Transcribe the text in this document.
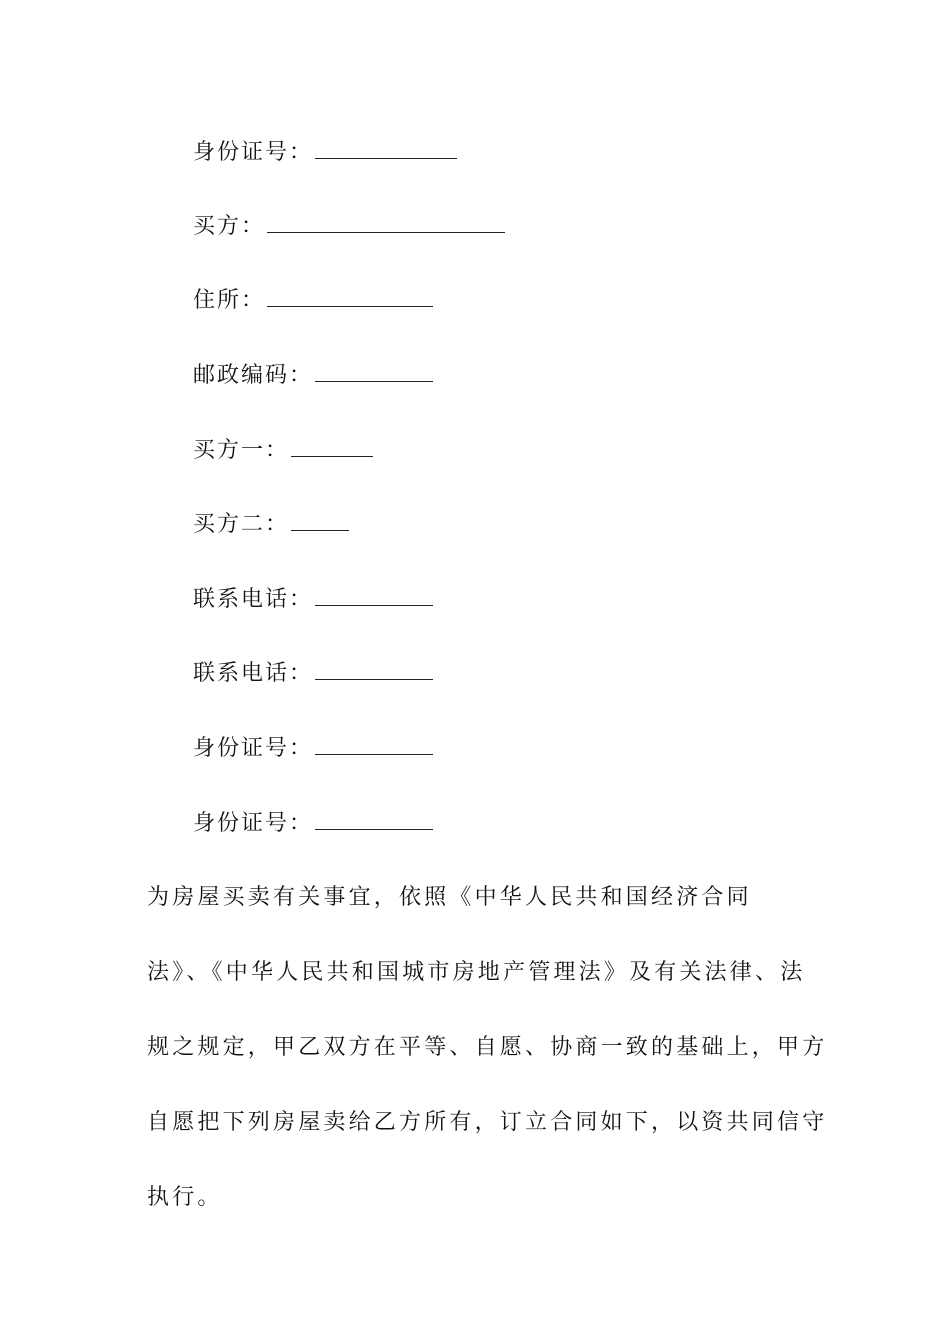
身份证号：
买方：
住所：
邮政编码：
买方一：
买方二：
联系电话：
联系电话：
身份证号：
身份证号：
为房屋买卖有关事宜，依照《中华人民共和国经济合同
法》、《中华人民共和国城市房地产管理法》及有关法律、法
规之规定，甲乙双方在平等、自愿、协商一致的基础上，甲方
自愿把下列房屋卖给乙方所有，订立合同如下，以资共同信守
执行。
